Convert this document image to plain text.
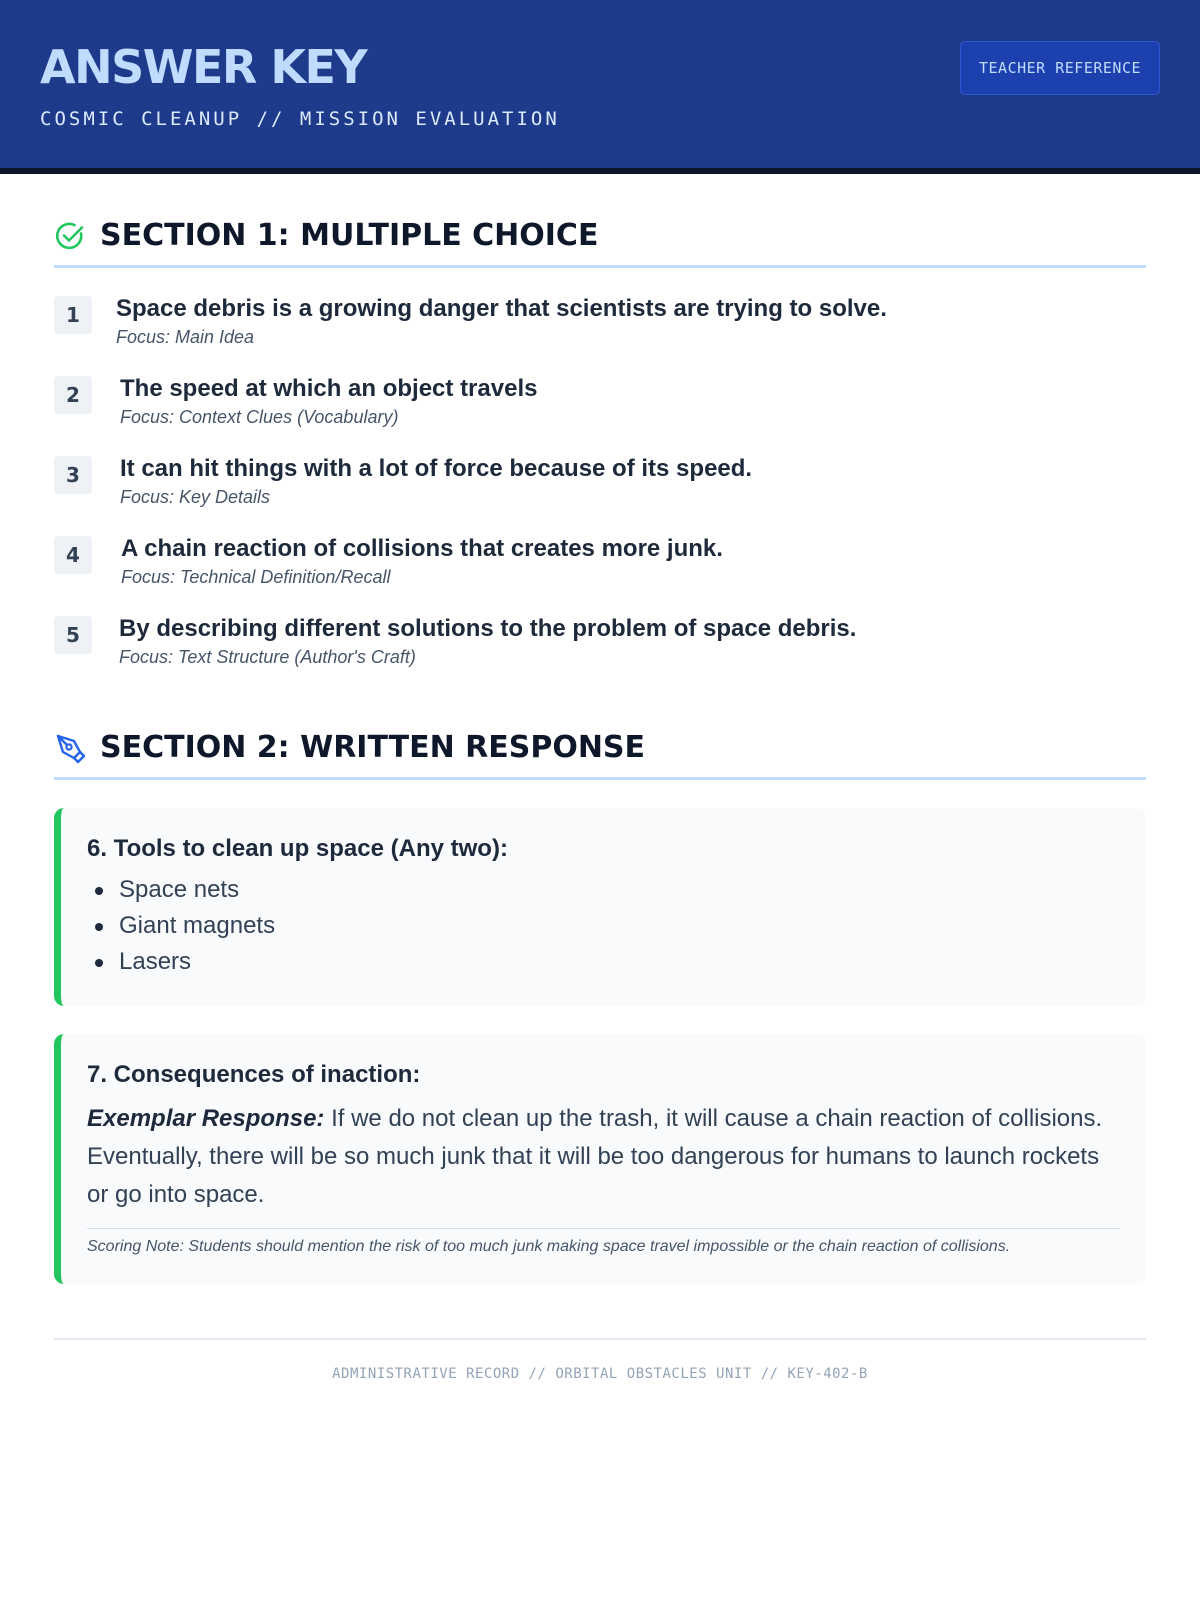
ANSWER KEY
COSMIC CLEANUP // MISSION EVALUATION
TEACHER REFERENCE
SECTION 1: MULTIPLE CHOICE
1	Space debris is a growing danger that scientists are trying to solve.
Focus: Main Idea
2	The speed at which an object travels
Focus: Context Clues (Vocabulary)
3	It can hit things with a lot of force because of its speed.
Focus: Key Details
4	A chain reaction of collisions that creates more junk.
Focus: Technical Definition/Recall
5	By describing different solutions to the problem of space debris.
Focus: Text Structure (Author's Craft)
SECTION 2: WRITTEN RESPONSE
6. Tools to clean up space (Any two):
Space nets
Giant magnets
Lasers
7. Consequences of inaction:
Exemplar Response: If we do not clean up the trash, it will cause a chain reaction of collisions. Eventually, there will be so much junk that it will be too dangerous for humans to launch rockets or go into space.
Scoring Note: Students should mention the risk of too much junk making space travel impossible or the chain reaction of collisions.
ADMINISTRATIVE RECORD // ORBITAL OBSTACLES UNIT // KEY-402-B
